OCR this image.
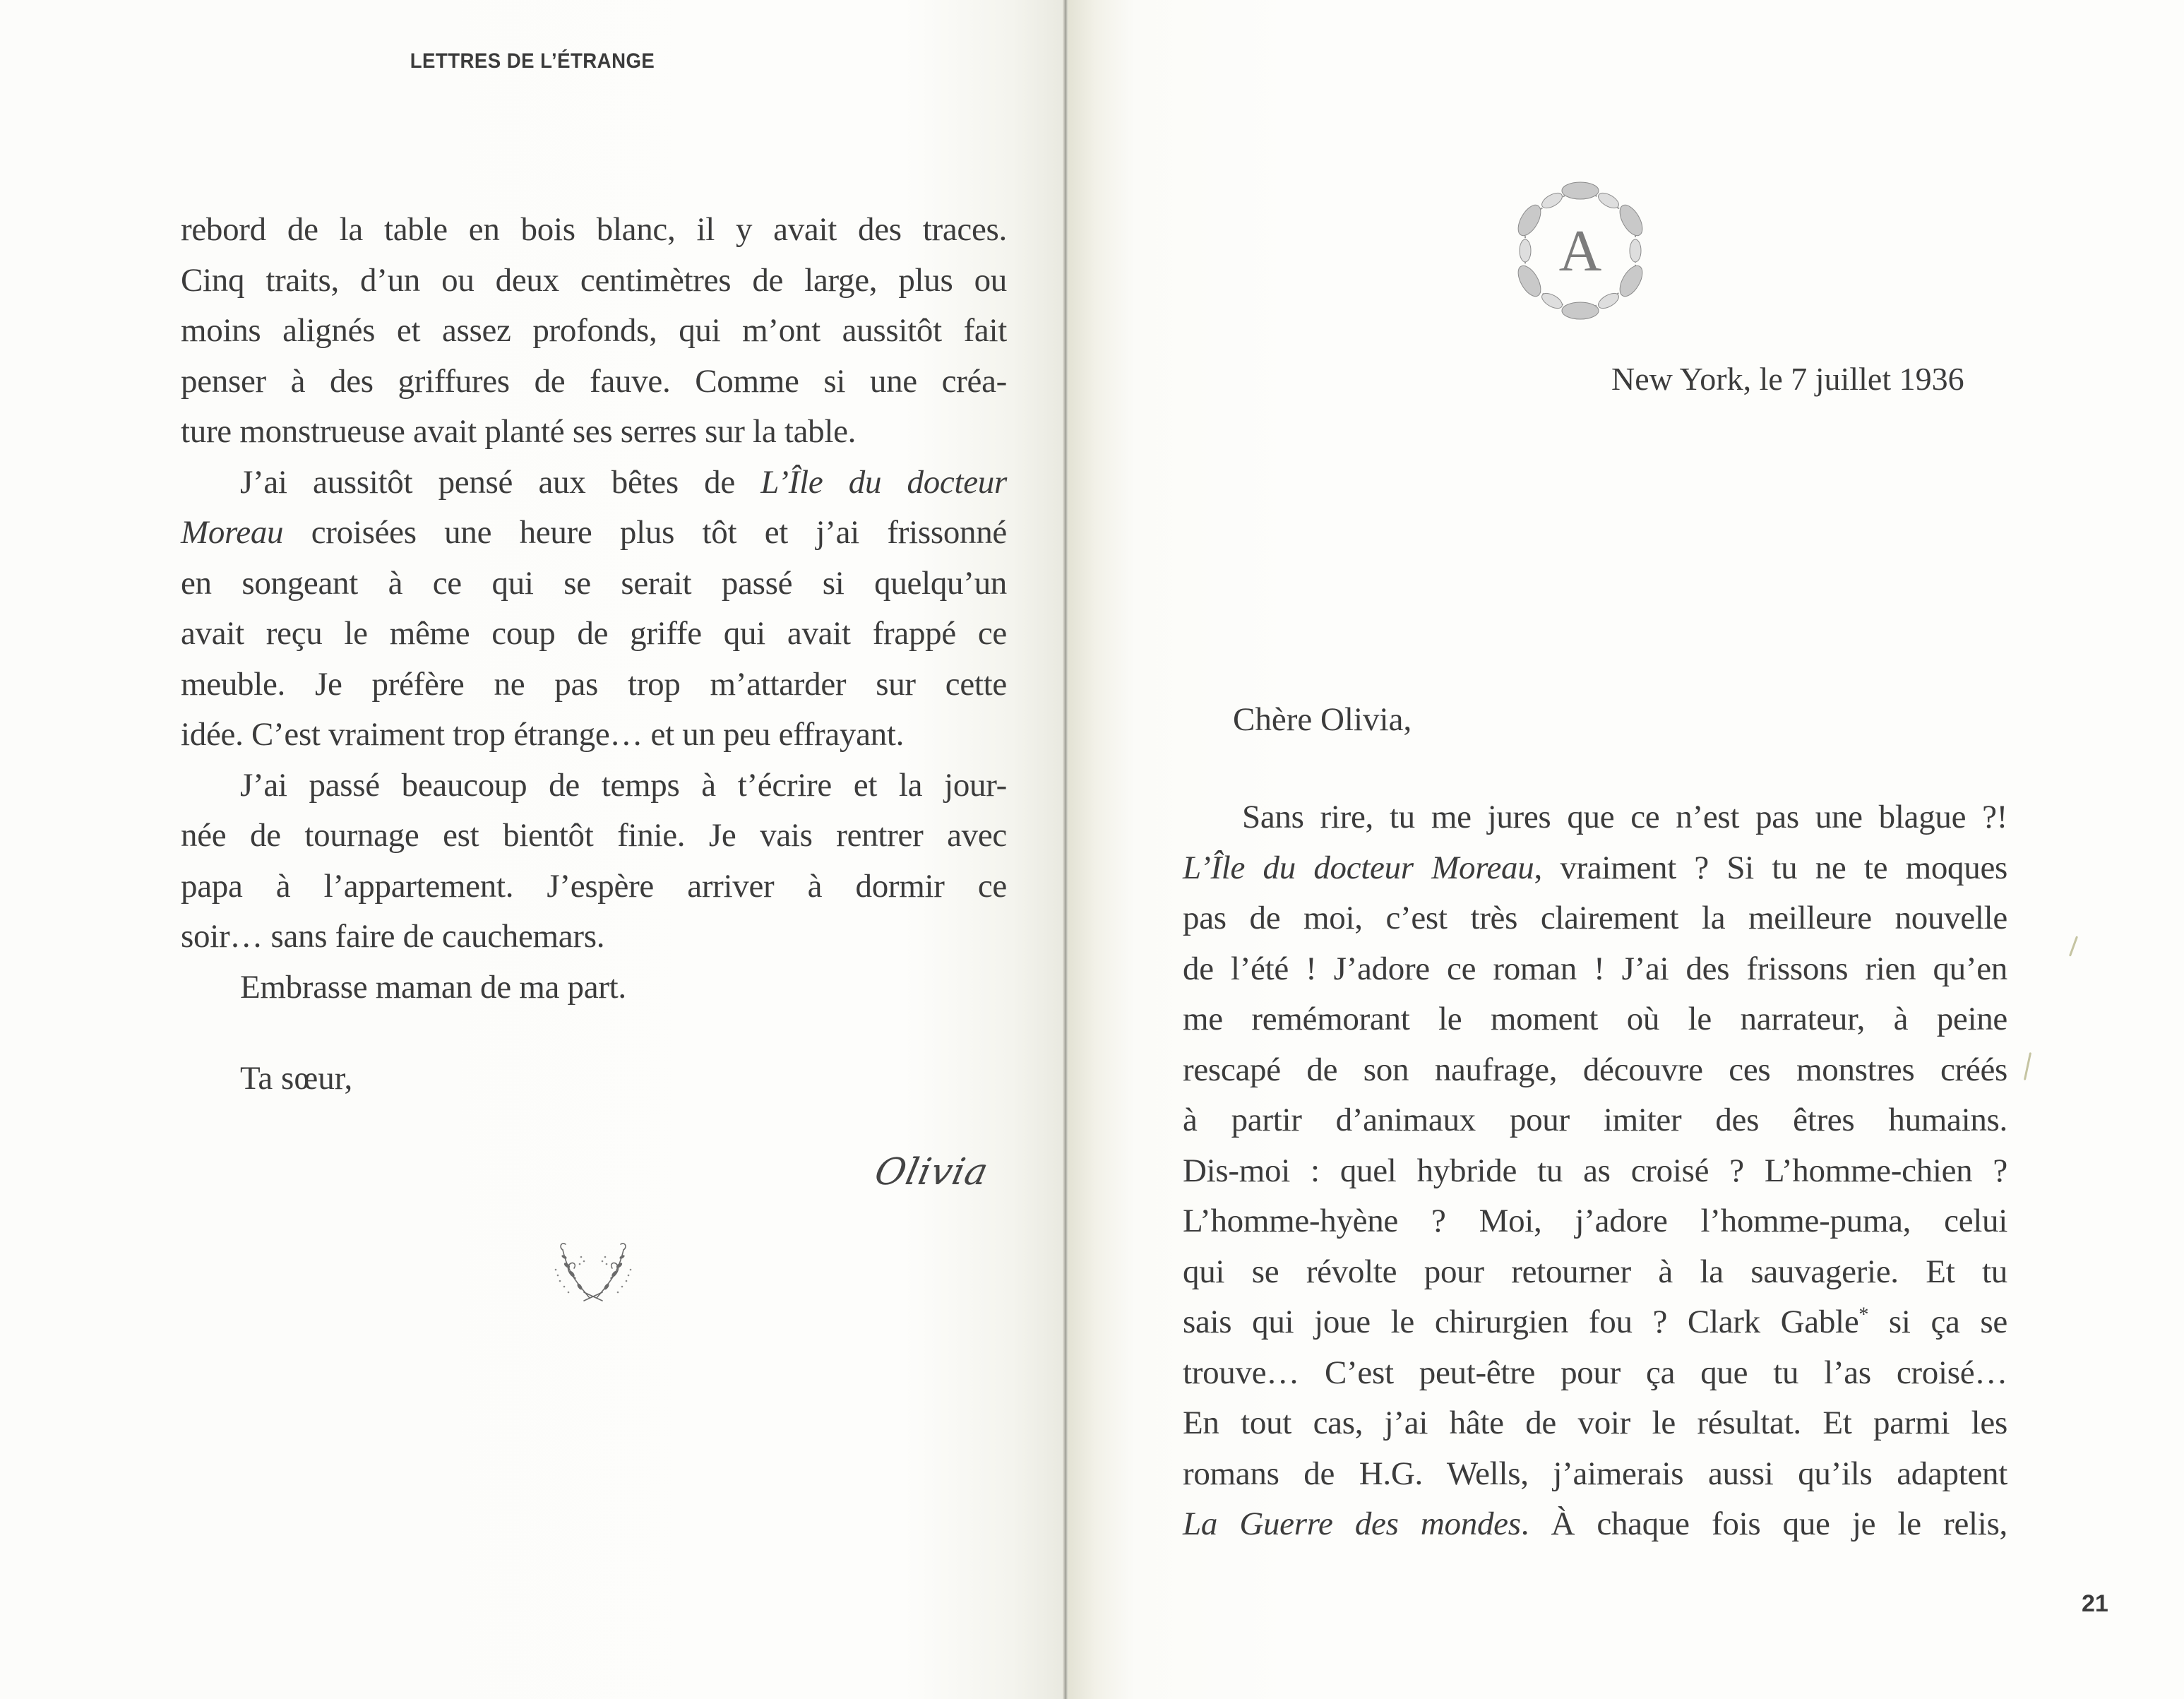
LETTRES DE L’ÉTRANGE
rebord de la table en bois blanc, il y avait des traces.
Cinq traits, d’un ou deux centimètres de large, plus ou
moins alignés et assez profonds, qui m’ont aussitôt fait
penser à des griffures de fauve. Comme si une créa-
ture monstrueuse avait planté ses serres sur la table.
J’ai aussitôt pensé aux bêtes de L’Île du docteur
Moreau croisées une heure plus tôt et j’ai frissonné
en songeant à ce qui se serait passé si quelqu’un
avait reçu le même coup de griffe qui avait frappé ce
meuble. Je préfère ne pas trop m’attarder sur cette
idée. C’est vraiment trop étrange… et un peu effrayant.
J’ai passé beaucoup de temps à t’écrire et la jour-
née de tournage est bientôt finie. Je vais rentrer avec
papa à l’appartement. J’espère arriver à dormir ce
soir… sans faire de cauchemars.
Embrasse maman de ma part.
Ta sœur,
Olivia
A
New York, le 7 juillet 1936
Chère Olivia,
Sans rire, tu me jures que ce n’est pas une blague ?!
L’Île du docteur Moreau, vraiment ? Si tu ne te moques
pas de moi, c’est très clairement la meilleure nouvelle
de l’été ! J’adore ce roman ! J’ai des frissons rien qu’en
me remémorant le moment où le narrateur, à peine
rescapé de son naufrage, découvre ces monstres créés
à partir d’animaux pour imiter des êtres humains.
Dis-moi : quel hybride tu as croisé ? L’homme-chien ?
L’homme-hyène ? Moi, j’adore l’homme-puma, celui
qui se révolte pour retourner à la sauvagerie. Et tu
sais qui joue le chirurgien fou ? Clark Gable* si ça se
trouve… C’est peut-être pour ça que tu l’as croisé…
En tout cas, j’ai hâte de voir le résultat. Et parmi les
romans de H.G. Wells, j’aimerais aussi qu’ils adaptent
La Guerre des mondes. À chaque fois que je le relis,
21
